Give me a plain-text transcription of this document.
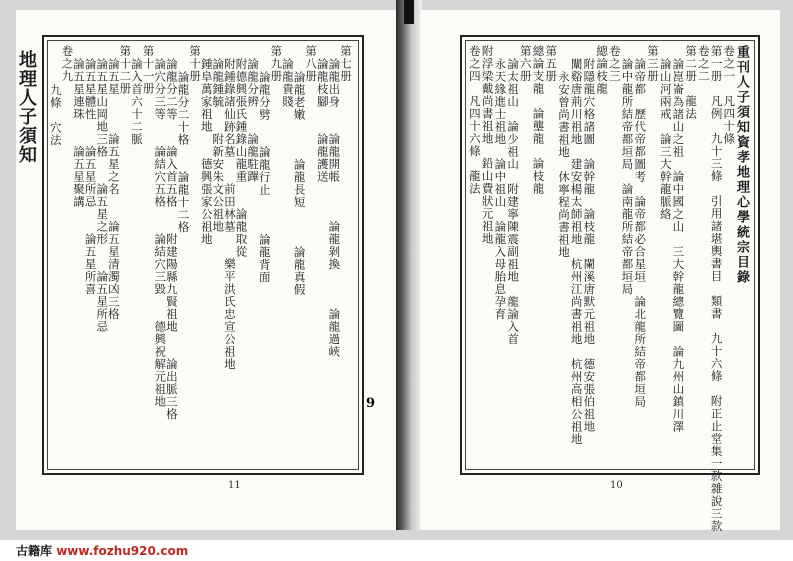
地理人子須知	第七册
論龍出身　　論龍開帳　　　論龍剝換　　　論龍過峽
論龍枝腳　　論龍護送
第八册
論龍老嫩　　　論龍長短　　　論龍真假
論龍貴賤
第九册
論龍分劈　　論龍行止　　　論龍背面
論龍分辨　　論龍駐蹕
附德興張氏鍾錄山龍重　　論龍取從
附鍾錄諸仙跡名墓　　前田林墓　　樂平洪氏忠宣公祖地
論龍鍾毓　　附新安朱文公祖地
鍾阜萬家祖地　　德興張家公祖地
第十册
論龍分二十格　　論龍十二格
論龍分二等　　論入首五格　　附建陽縣九賢祖地　　論出脈三格
論穴分三等　　論結穴五格　　論結穴三毀　　德興祝解元祖地
第十一册
論入首六十二脈
第十二册
論五星　　　論五星之名　　論五星清濁凶三格
論五星山岡地三格　　論五星之形　　論五星所忌
論五星體性　　論五星所忌　　論五星所喜
論五星連珠　　論五星聚講
卷之九
九條　穴法
9
11
重刊人子須知資孝地理心學統宗目錄
卷之一　凡四十條
第一册　凡例　九十三條　引用諸堪輿書目　類書　九十六條　附正止堂集一款雜說三款
卷之二
第二册　龍法
論崑崙為諸山之祖　論中國之山　三大幹龍總覽圖　論九州山鎮川澤
論山河兩戒　論三大幹龍脈絡
第三册
論帝都　歷代帝都圖考　論帝都必合星垣　論北龍所結帝都垣局
論中龍所結帝都垣局　論南龍所結帝都垣局
卷之三
總論枝龍
附隱龍穴格諸圖　論幹龍　論枝龍　闌溪唐默元祖地　德安張伯祖地
闡谿唐荊川祖地　建安楊太師祖地　杭州江尚書祖地　杭州高相公祖地
永安曾尚書祖地　休寧程尚書祖地
第五册
總論支龍　論壟龍　論枝龍
第六册
論太祖山　論少祖山　附建寧陳震副祖地　龍論入首
永天緣進士祖地　論中祖山　論龍入母胎息孕育
附浮梁戴尚書祖地　鉛山費狀元祖地
卷之四　凡四十六條　龍法
10
古籍库 www.fozhu920.com
